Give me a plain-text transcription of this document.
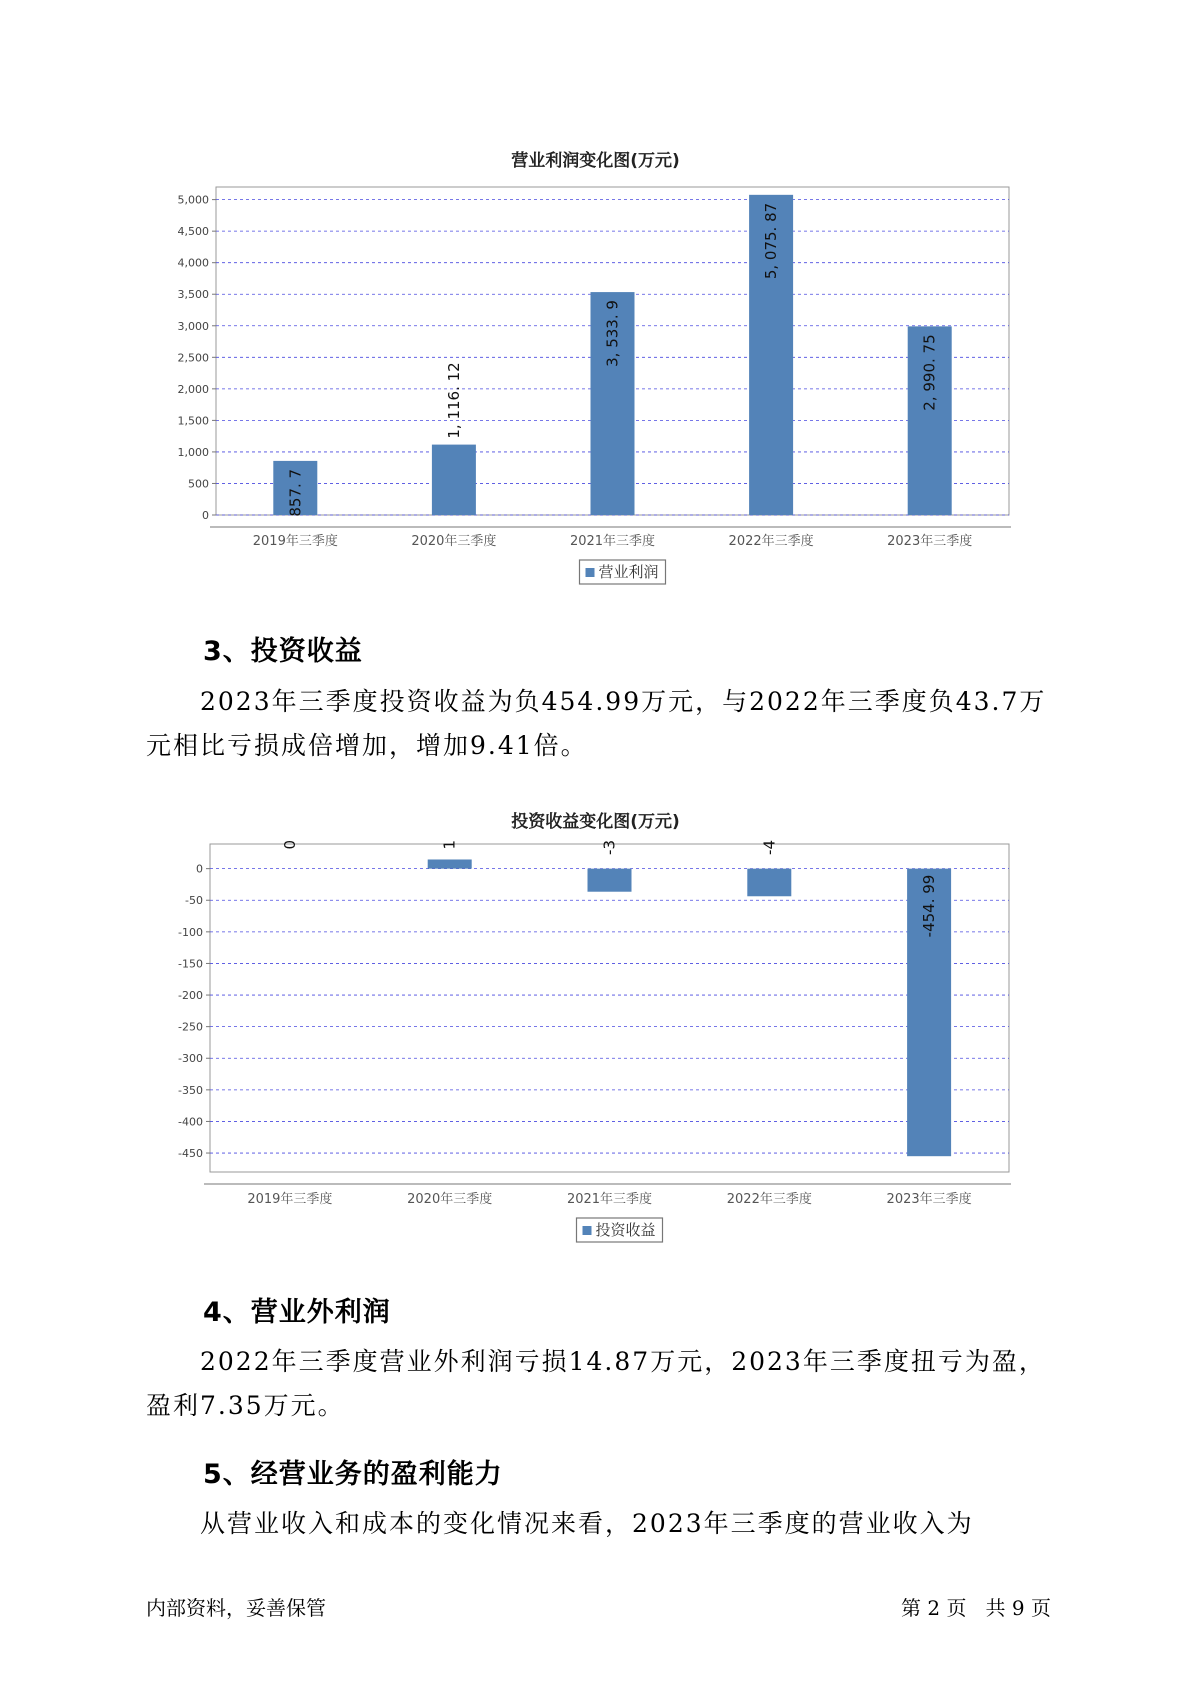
营业利润变化图(万元)
0
500
1,000
1,500
2,000
2,500
3,000
3,500
4,000
4,500
5,000
2019年三季度
857. 7
2020年三季度
1, 116. 12
2021年三季度
3, 533. 9
2022年三季度
5, 075. 87
2023年三季度
2, 990. 75
营业利润
3、投资收益
2023年三季度投资收益为负454.99万元，与2022年三季度负43.7万元相比亏损成倍增加，增加9.41倍。
投资收益变化图(万元)
0
-50
-100
-150
-200
-250
-300
-350
-400
-450
2019年三季度
0
2020年三季度
1
2021年三季度
-3
2022年三季度
-4
2023年三季度
-454. 99
投资收益
4、营业外利润
2022年三季度营业外利润亏损14.87万元，2023年三季度扭亏为盈，盈利7.35万元。
5、经营业务的盈利能力
从营业收入和成本的变化情况来看，2023年三季度的营业收入为
内部资料，妥善保管	第 2 页   共 9 页
